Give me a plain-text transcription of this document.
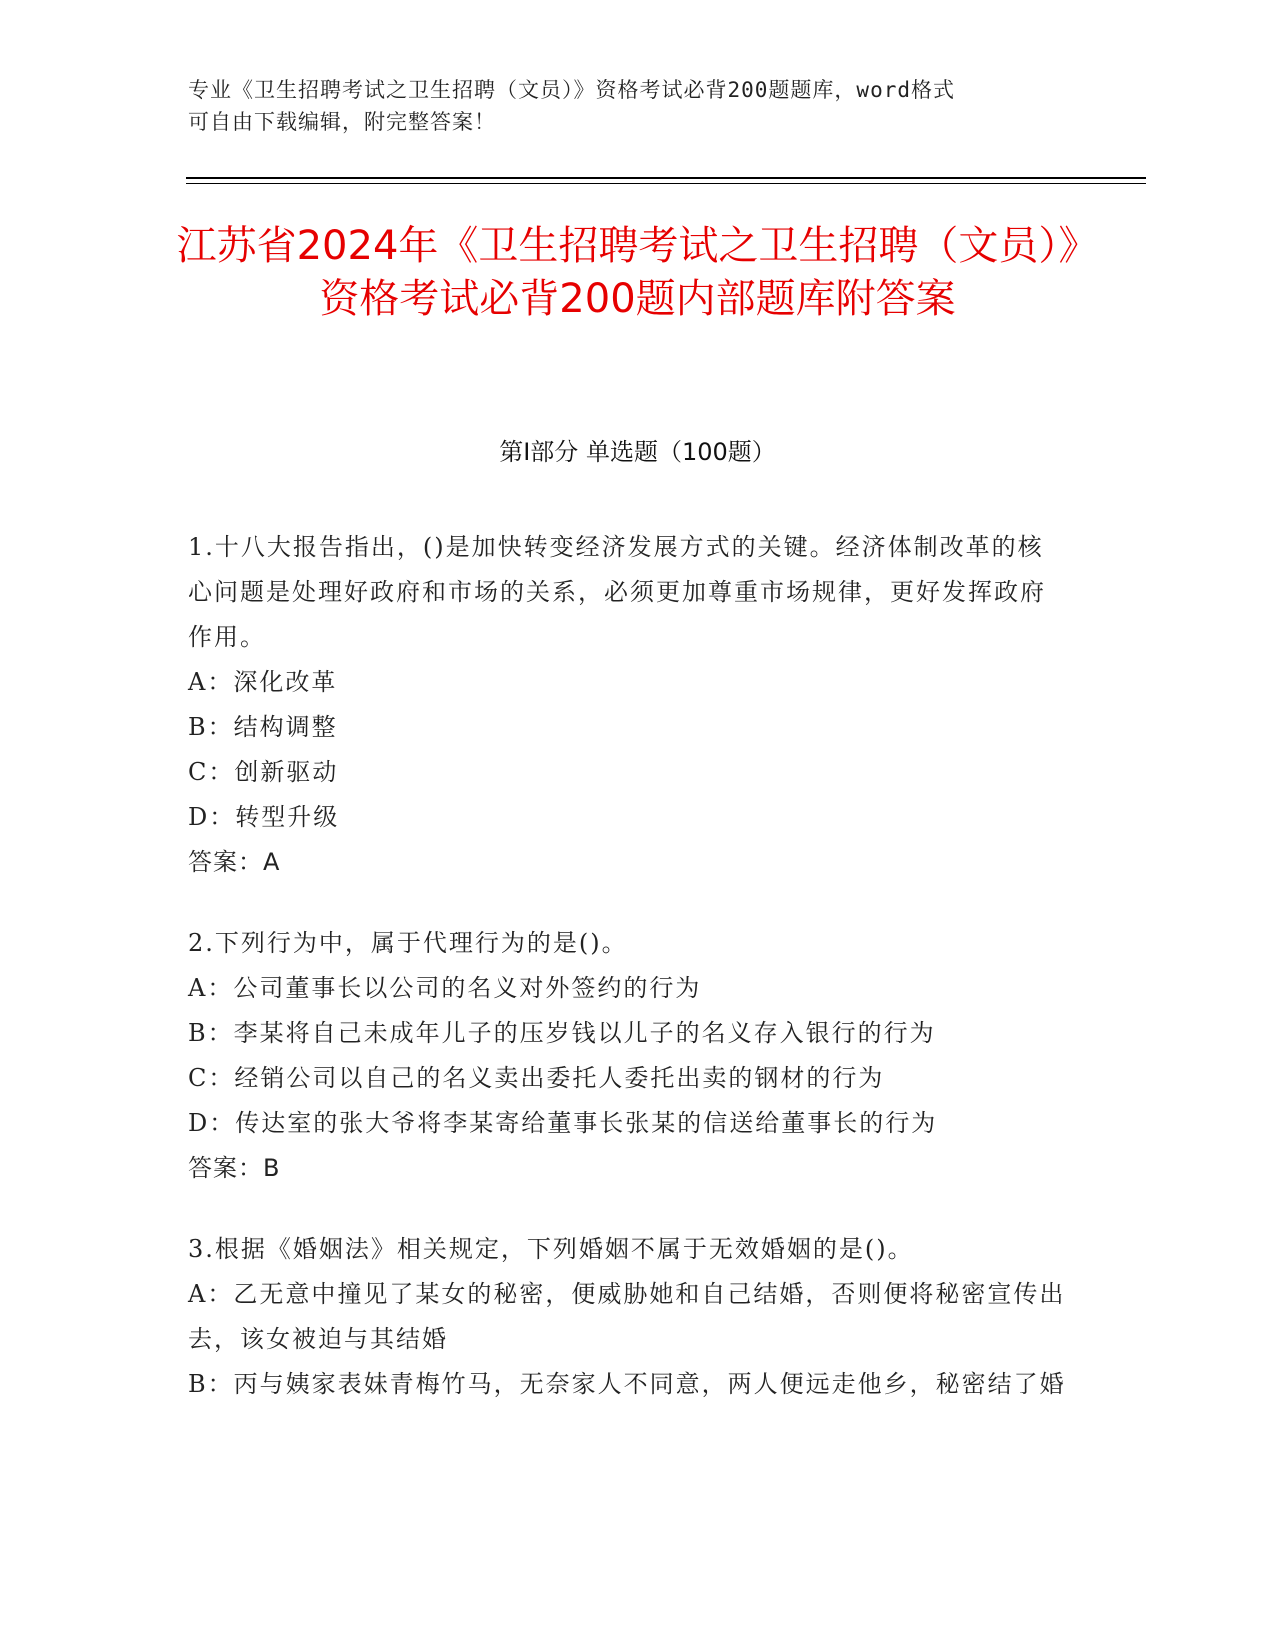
专业《卫生招聘考试之卫生招聘（文员）》资格考试必背200题题库，word格式
可自由下载编辑，附完整答案！
江苏省2024年《卫生招聘考试之卫生招聘（文员）》资格考试必背200题内部题库附答案
第Ⅰ部分 单选题（100题）

1.十八大报告指出，()是加快转变经济发展方式的关键。经济体制改革的核心问题是处理好政府和市场的关系，必须更加尊重市场规律，更好发挥政府作用。

A：深化改革

B：结构调整

C：创新驱动

D：转型升级

答案：A

2.下列行为中，属于代理行为的是()。

A：公司董事长以公司的名义对外签约的行为

B：李某将自己未成年儿子的压岁钱以儿子的名义存入银行的行为

C：经销公司以自己的名义卖出委托人委托出卖的钢材的行为

D：传达室的张大爷将李某寄给董事长张某的信送给董事长的行为

答案：B

3.根据《婚姻法》相关规定，下列婚姻不属于无效婚姻的是()。

A：乙无意中撞见了某女的秘密，便威胁她和自己结婚，否则便将秘密宣传出去，该女被迫与其结婚

B：丙与姨家表妹青梅竹马，无奈家人不同意，两人便远走他乡，秘密结了婚
